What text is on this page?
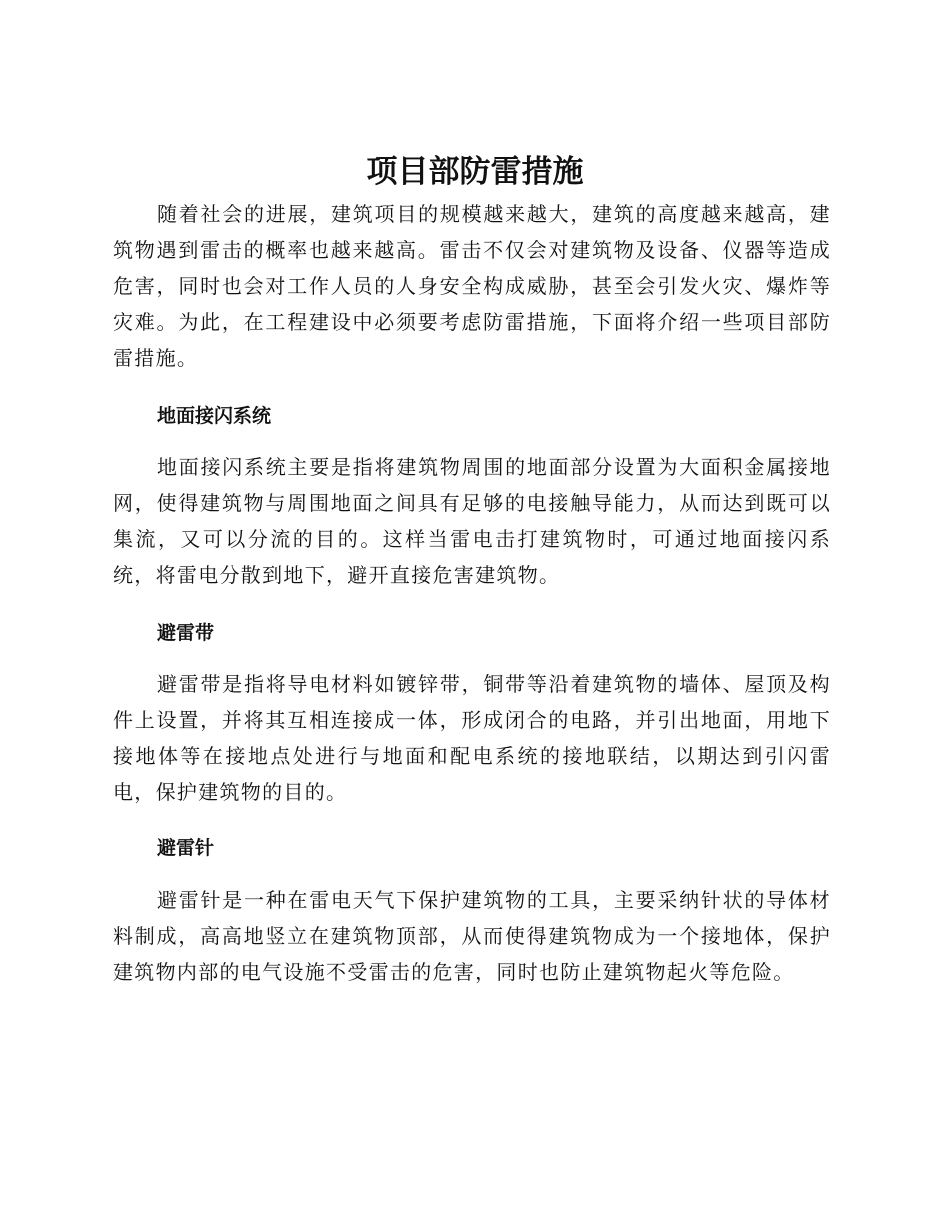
项目部防雷措施

随着社会的进展，建筑项目的规模越来越大，建筑的高度越来越高，建筑物遇到雷击的概率也越来越高。雷击不仅会对建筑物及设备、仪器等造成危害，同时也会对工作人员的人身安全构成威胁，甚至会引发火灾、爆炸等灾难。为此，在工程建设中必须要考虑防雷措施，下面将介绍一些项目部防雷措施。

地面接闪系统

地面接闪系统主要是指将建筑物周围的地面部分设置为大面积金属接地网，使得建筑物与周围地面之间具有足够的电接触导能力，从而达到既可以集流，又可以分流的目的。这样当雷电击打建筑物时，可通过地面接闪系统，将雷电分散到地下，避开直接危害建筑物。

避雷带

避雷带是指将导电材料如镀锌带，铜带等沿着建筑物的墙体、屋顶及构件上设置，并将其互相连接成一体，形成闭合的电路，并引出地面，用地下接地体等在接地点处进行与地面和配电系统的接地联结，以期达到引闪雷电，保护建筑物的目的。

避雷针

避雷针是一种在雷电天气下保护建筑物的工具，主要采纳针状的导体材料制成，高高地竖立在建筑物顶部，从而使得建筑物成为一个接地体，保护建筑物内部的电气设施不受雷击的危害，同时也防止建筑物起火等危险。
